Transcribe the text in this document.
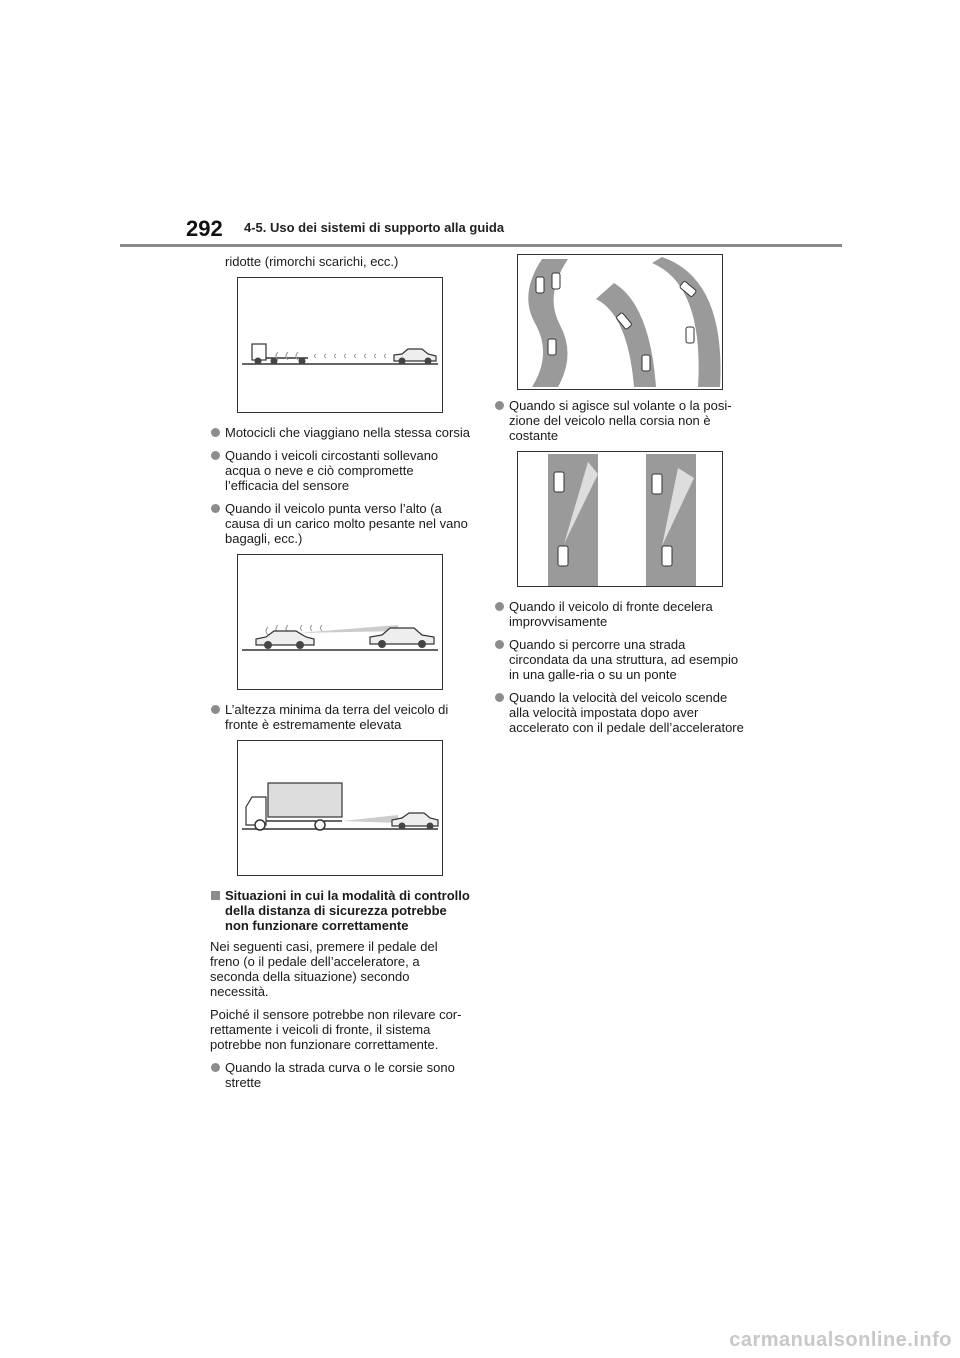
292 4-5. Uso dei sistemi di supporto alla guida

ridotte (rimorchi scarichi, ecc.)

Motocicli che viaggiano nella stessa corsia

Quando i veicoli circostanti sollevano acqua o neve e ciò compromette l’efficacia del sensore

Quando il veicolo punta verso l’alto (a causa di un carico molto pesante nel vano bagagli, ecc.)

L’altezza minima da terra del veicolo di fronte è estremamente elevata

Situazioni in cui la modalità di controllo della distanza di sicurezza potrebbe non funzionare correttamente

Nei seguenti casi, premere il pedale del freno (o il pedale dell’acceleratore, a seconda della situazione) secondo necessità.

Poiché il sensore potrebbe non rilevare cor-rettamente i veicoli di fronte, il sistema potrebbe non funzionare correttamente.

Quando la strada curva o le corsie sono strette

Quando si agisce sul volante o la posi-zione del veicolo nella corsia non è costante

Quando il veicolo di fronte decelera improvvisamente

Quando si percorre una strada circondata da una struttura, ad esempio in una galle-ria o su un ponte

Quando la velocità del veicolo scende alla velocità impostata dopo aver accelerato con il pedale dell’acceleratore

carmanualsonline.info
